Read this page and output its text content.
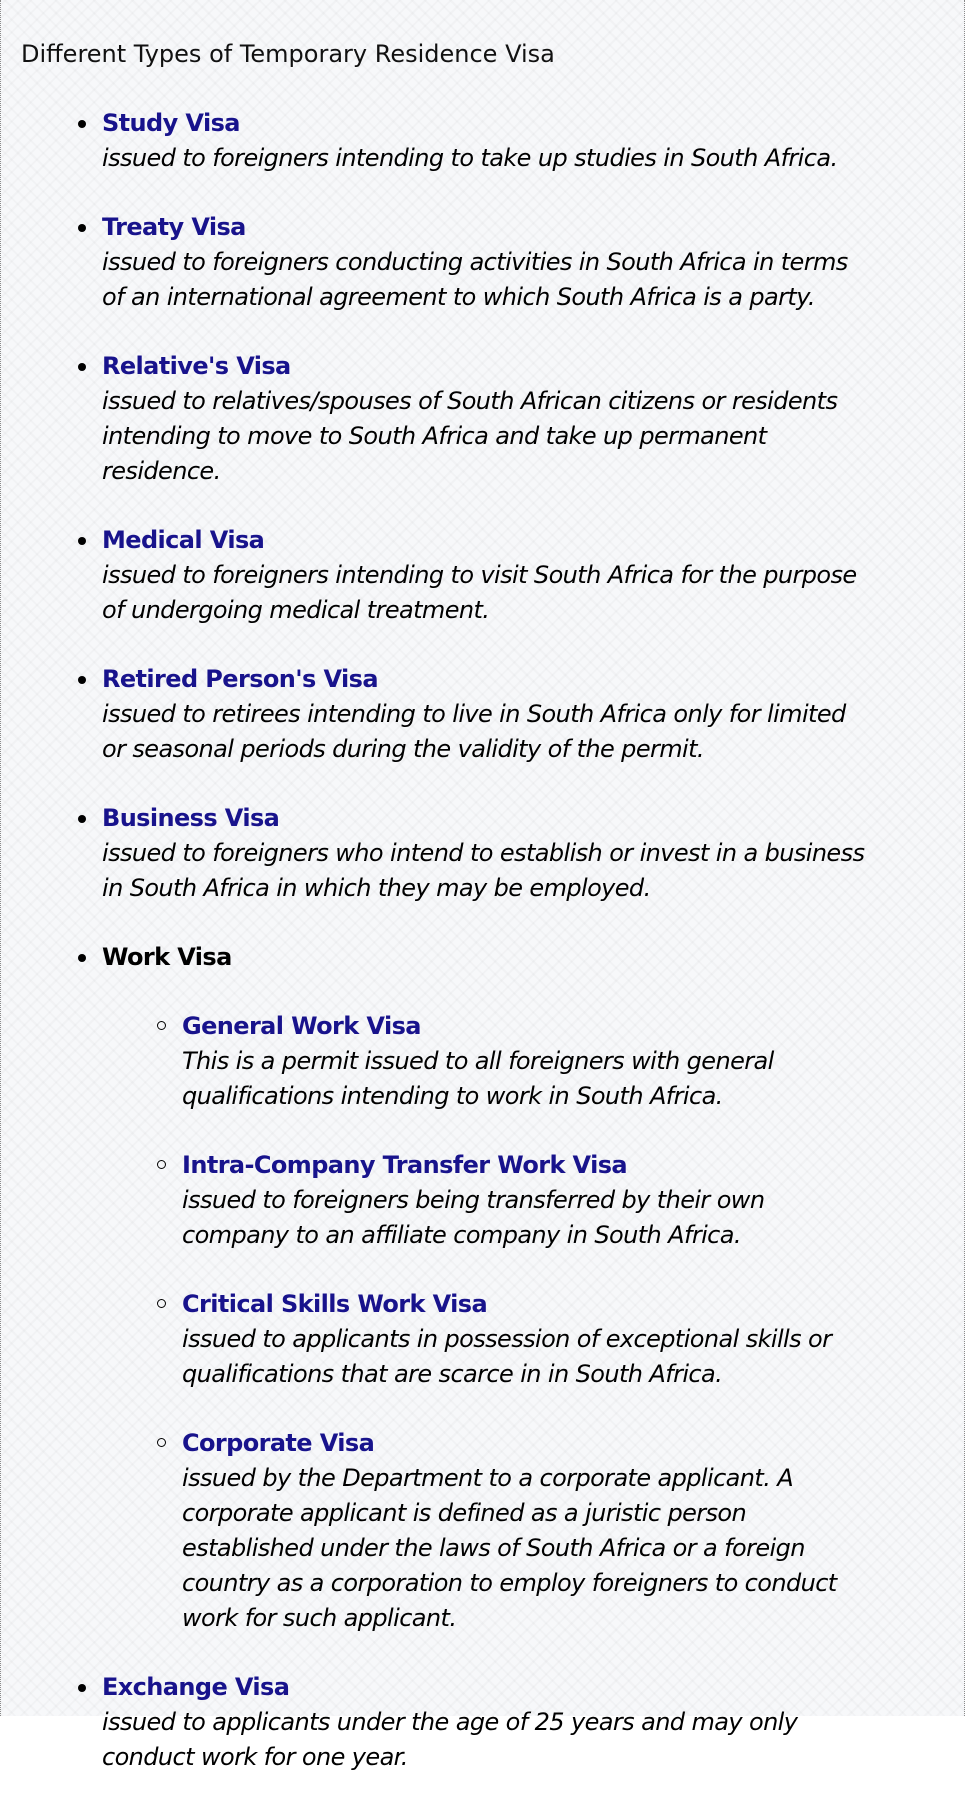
Different Types of Temporary Residence Visa
Study Visa
issued to foreigners intending to take up studies in South Africa.
Treaty Visa
issued to foreigners conducting activities in South Africa in terms of an international agreement to which South Africa is a party.
Relative's Visa
issued to relatives/spouses of South African citizens or residents intending to move to South Africa and take up permanent residence.
Medical Visa
issued to foreigners intending to visit South Africa for the purpose of undergoing medical treatment.
Retired Person's Visa
issued to retirees intending to live in South Africa only for limited or seasonal periods during the validity of the permit.
Business Visa
issued to foreigners who intend to establish or invest in a business in South Africa in which they may be employed.
Work Visa
General Work Visa
This is a permit issued to all foreigners with general qualifications intending to work in South Africa.
Intra-Company Transfer Work Visa
issued to foreigners being transferred by their own company to an affiliate company in South Africa.
Critical Skills Work Visa
issued to applicants in possession of exceptional skills or qualifications that are scarce in in South Africa.
Corporate Visa
issued by the Department to a corporate applicant. A corporate applicant is defined as a juristic person established under the laws of South Africa or a foreign country as a corporation to employ foreigners to conduct work for such applicant.
Exchange Visa
issued to applicants under the age of 25 years and may only conduct work for one year.
